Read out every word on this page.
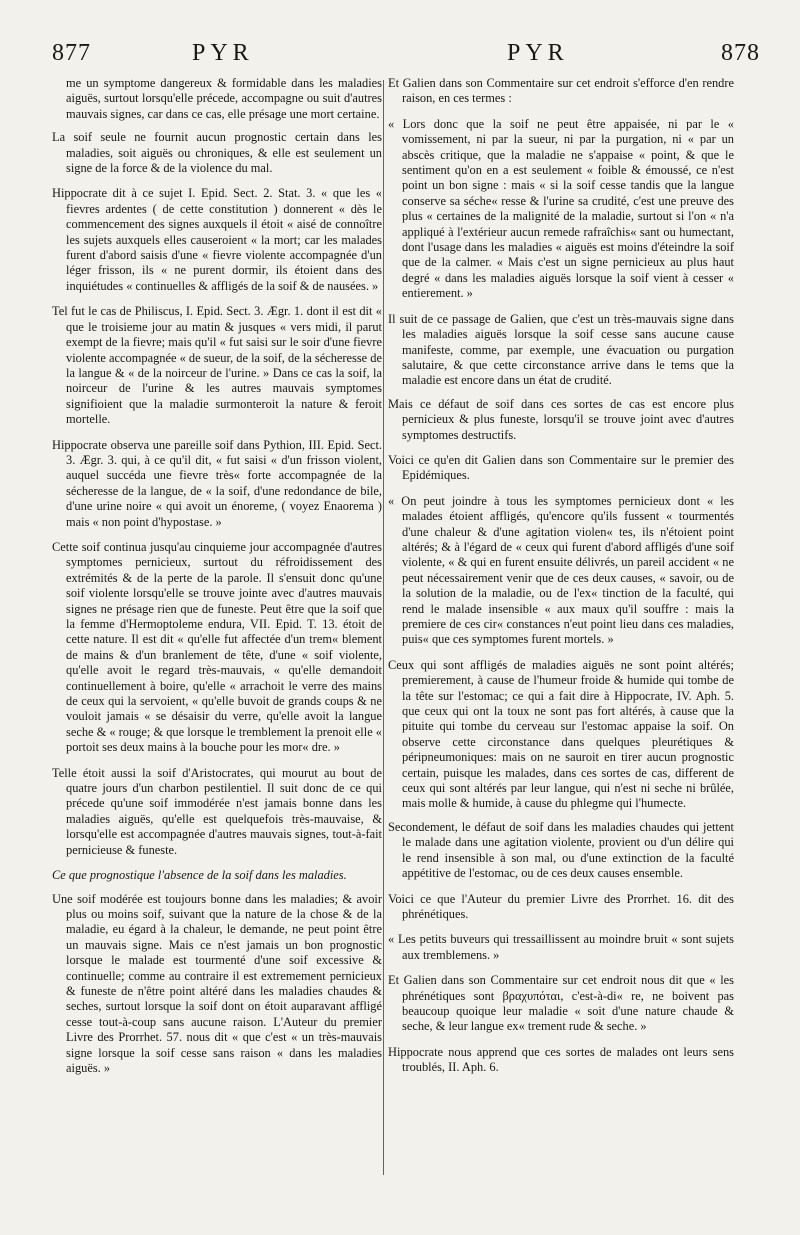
877	PYR	PYR	878

me un symptome dangereux & formidable dans les maladies aiguës, surtout lorsqu'elle précede, accompagne ou suit d'autres mauvais signes, car dans ce cas, elle présage une mort certaine.

La soif seule ne fournit aucun prognostic certain dans les maladies, soit aiguës ou chroniques, & elle est seulement un signe de la force & de la violence du mal.

Hippocrate dit à ce sujet I. Epid. Sect. 2. Stat. 3. « que les « fievres ardentes ( de cette constitution ) donnerent « dès le commencement des signes auxquels il étoit « aisé de connoître les sujets auxquels elles causeroient « la mort; car les malades furent d'abord saisis d'une « fievre violente accompagnée d'un léger frisson, ils « ne purent dormir, ils étoient dans des inquiétudes « continuelles & affligés de la soif & de nausées. »

Tel fut le cas de Philiscus, I. Epid. Sect. 3. Ægr. 1. dont il est dit « que le troisieme jour au matin & jusques « vers midi, il parut exempt de la fievre; mais qu'il « fut saisi sur le soir d'une fievre violente accompagnée « de sueur, de la soif, de la sécheresse de la langue & « de la noirceur de l'urine. » Dans ce cas la soif, la noirceur de l'urine & les autres mauvais symptomes signifioient que la maladie surmonteroit la nature & feroit mortelle.

Hippocrate observa une pareille soif dans Pythion, III. Epid. Sect. 3. Ægr. 3. qui, à ce qu'il dit, « fut saisi « d'un frisson violent, auquel succéda une fievre très« forte accompagnée de la sécheresse de la langue, de « la soif, d'une redondance de bile, d'une urine noire « qui avoit un énoreme, ( voyez Enaorema ) mais « non point d'hypostase. »

Cette soif continua jusqu'au cinquieme jour accompagnée d'autres symptomes pernicieux, surtout du réfroidissement des extrémités & de la perte de la parole. Il s'ensuit donc qu'une soif violente lorsqu'elle se trouve jointe avec d'autres mauvais signes ne présage rien que de funeste. Peut être que la soif que la femme d'Hermoptoleme endura, VII. Epid. T. 13. étoit de cette nature. Il est dit « qu'elle fut affectée d'un trem« blement de mains & d'un branlement de tête, d'une « soif violente, qu'elle avoit le regard très-mauvais, « qu'elle demandoit continuellement à boire, qu'elle « arrachoit le verre des mains de ceux qui la servoient, « qu'elle buvoit de grands coups & ne vouloit jamais « se désaisir du verre, qu'elle avoit la langue seche & « rouge; & que lorsque le tremblement la prenoit elle « portoit ses deux mains à la bouche pour les mor« dre. »

Telle étoit aussi la soif d'Aristocrates, qui mourut au bout de quatre jours d'un charbon pestilentiel. Il suit donc de ce qui précede qu'une soif immodérée n'est jamais bonne dans les maladies aiguës, qu'elle est quelquefois très-mauvaise, & lorsqu'elle est accompagnée d'autres mauvais signes, tout-à-fait pernicieuse & funeste.

Ce que prognostique l'absence de la soif dans les maladies.

Une soif modérée est toujours bonne dans les maladies; & avoir plus ou moins soif, suivant que la nature de la chose & de la maladie, eu égard à la chaleur, le demande, ne peut point être un mauvais signe. Mais ce n'est jamais un bon prognostic lorsque le malade est tourmenté d'une soif excessive & continuelle; comme au contraire il est extremement pernicieux & funeste de n'être point altéré dans les maladies chaudes & seches, surtout lorsque la soif dont on étoit auparavant affligé cesse tout-à-coup sans aucune raison. L'Auteur du premier Livre des Prorrhet. 57. nous dit « que c'est « un très-mauvais signe lorsque la soif cesse sans raison « dans les maladies aiguës. »

Et Galien dans son Commentaire sur cet endroit s'efforce d'en rendre raison, en ces termes :

« Lors donc que la soif ne peut être appaisée, ni par le « vomissement, ni par la sueur, ni par la purgation, ni « par un abscès critique, que la maladie ne s'appaise « point, & que le sentiment qu'on en a est seulement « foible & émoussé, ce n'est point un bon signe : mais « si la soif cesse tandis que la langue conserve sa séche« resse & l'urine sa crudité, c'est une preuve des plus « certaines de la malignité de la maladie, surtout si l'on « n'a appliqué à l'extérieur aucun remede rafraîchis« sant ou humectant, dont l'usage dans les maladies « aiguës est moins d'éteindre la soif que de la calmer. « Mais c'est un signe pernicieux au plus haut degré « dans les maladies aiguës lorsque la soif vient à cesser « entierement. »

Il suit de ce passage de Galien, que c'est un très-mauvais signe dans les maladies aiguës lorsque la soif cesse sans aucune cause manifeste, comme, par exemple, une évacuation ou purgation salutaire, & que cette circonstance arrive dans le tems que la maladie est encore dans un état de crudité.

Mais ce défaut de soif dans ces sortes de cas est encore plus pernicieux & plus funeste, lorsqu'il se trouve joint avec d'autres symptomes destructifs.

Voici ce qu'en dit Galien dans son Commentaire sur le premier des Epidémiques.

« On peut joindre à tous les symptomes pernicieux dont « les malades étoient affligés, qu'encore qu'ils fussent « tourmentés d'une chaleur & d'une agitation violen« tes, ils n'étoient point altérés; & à l'égard de « ceux qui furent d'abord affligés d'une soif violente, « & qui en furent ensuite délivrés, un pareil accident « ne peut nécessairement venir que de ces deux causes, « savoir, ou de la solution de la maladie, ou de l'ex« tinction de la faculté, qui rend le malade insensible « aux maux qu'il souffre : mais la premiere de ces cir« constances n'eut point lieu dans ces maladies, puis« que ces symptomes furent mortels. »

Ceux qui sont affligés de maladies aiguës ne sont point altérés; premierement, à cause de l'humeur froide & humide qui tombe de la tête sur l'estomac; ce qui a fait dire à Hippocrate, IV. Aph. 5. que ceux qui ont la toux ne sont pas fort altérés, à cause que la pituite qui tombe du cerveau sur l'estomac appaise la soif. On observe cette circonstance dans quelques pleurétiques & péripneumoniques: mais on ne sauroit en tirer aucun prognostic certain, puisque les malades, dans ces sortes de cas, different de ceux qui sont altérés par leur langue, qui n'est ni seche ni brûlée, mais molle & humide, à cause du phlegme qui l'humecte.

Secondement, le défaut de soif dans les maladies chaudes qui jettent le malade dans une agitation violente, provient ou d'un délire qui le rend insensible à son mal, ou d'une extinction de la faculté appétitive de l'estomac, ou de ces deux causes ensemble.

Voici ce que l'Auteur du premier Livre des Prorrhet. 16. dit des phrénétiques.

« Les petits buveurs qui tressaillissent au moindre bruit « sont sujets aux tremblemens. »

Et Galien dans son Commentaire sur cet endroit nous dit que « les phrénétiques sont βραχυπόται, c'est-à-di« re, ne boivent pas beaucoup quoique leur maladie « soit d'une nature chaude & seche, & leur langue ex« trement rude & seche. »

Hippocrate nous apprend que ces sortes de malades ont leurs sens troublés, II. Aph. 6.
